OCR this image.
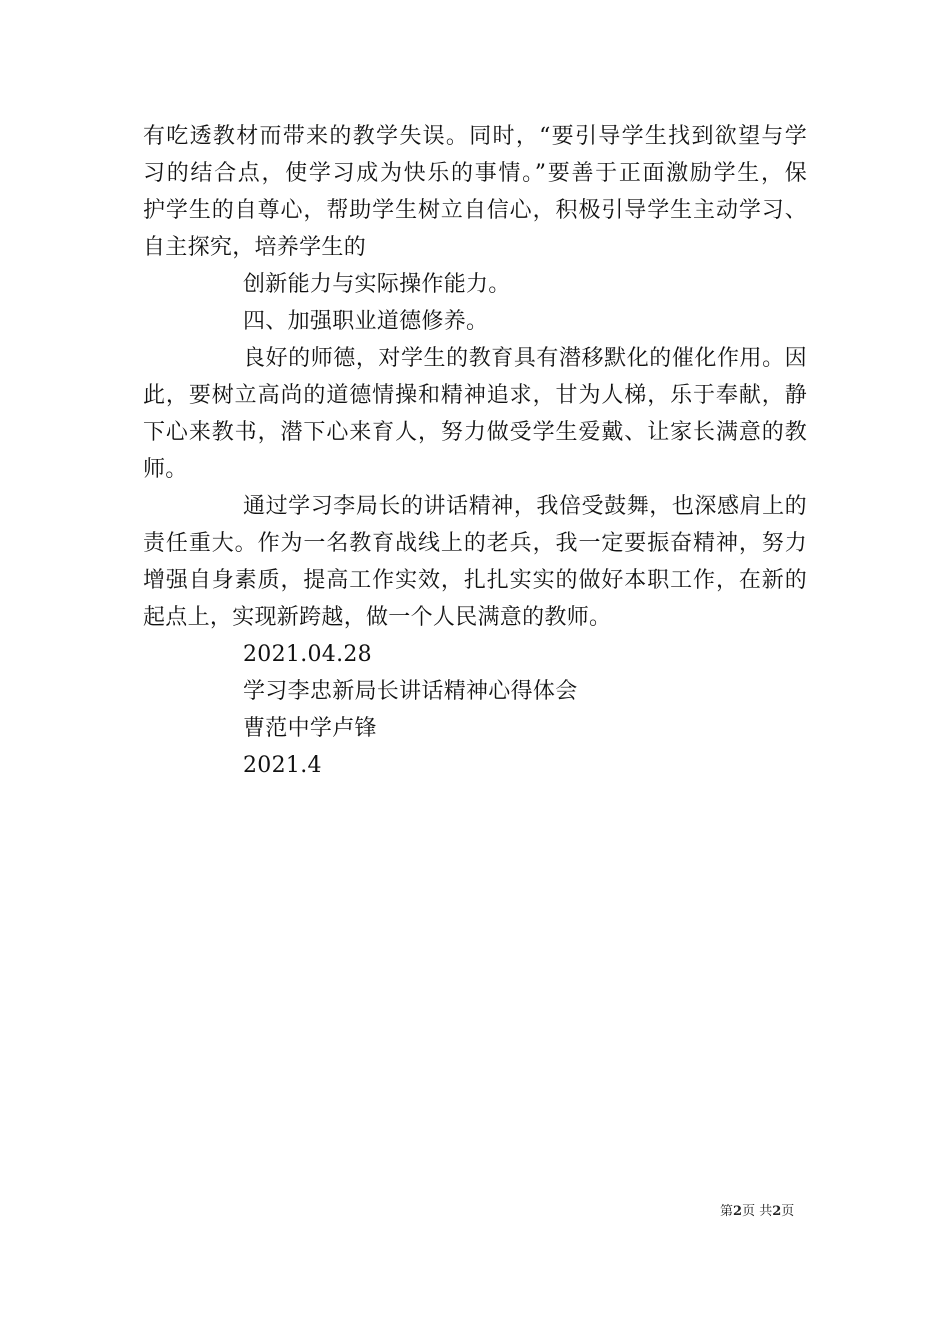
有吃透教材而带来的教学失误。同时，“要引导学生找到欲望与学
习的结合点，使学习成为快乐的事情。”要善于正面激励学生，保
护学生的自尊心，帮助学生树立自信心，积极引导学生主动学习、
自主探究，培养学生的
创新能力与实际操作能力。
四、加强职业道德修养。
良好的师德，对学生的教育具有潜移默化的催化作用。因
此，要树立高尚的道德情操和精神追求，甘为人梯，乐于奉献，静
下心来教书，潜下心来育人，努力做受学生爱戴、让家长满意的教
师。
通过学习李局长的讲话精神，我倍受鼓舞，也深感肩上的
责任重大。作为一名教育战线上的老兵，我一定要振奋精神，努力
增强自身素质，提高工作实效，扎扎实实的做好本职工作，在新的
起点上，实现新跨越，做一个人民满意的教师。
2021.04.28
学习李忠新局长讲话精神心得体会
曹范中学卢锋
2021.4
第2页 共2页
